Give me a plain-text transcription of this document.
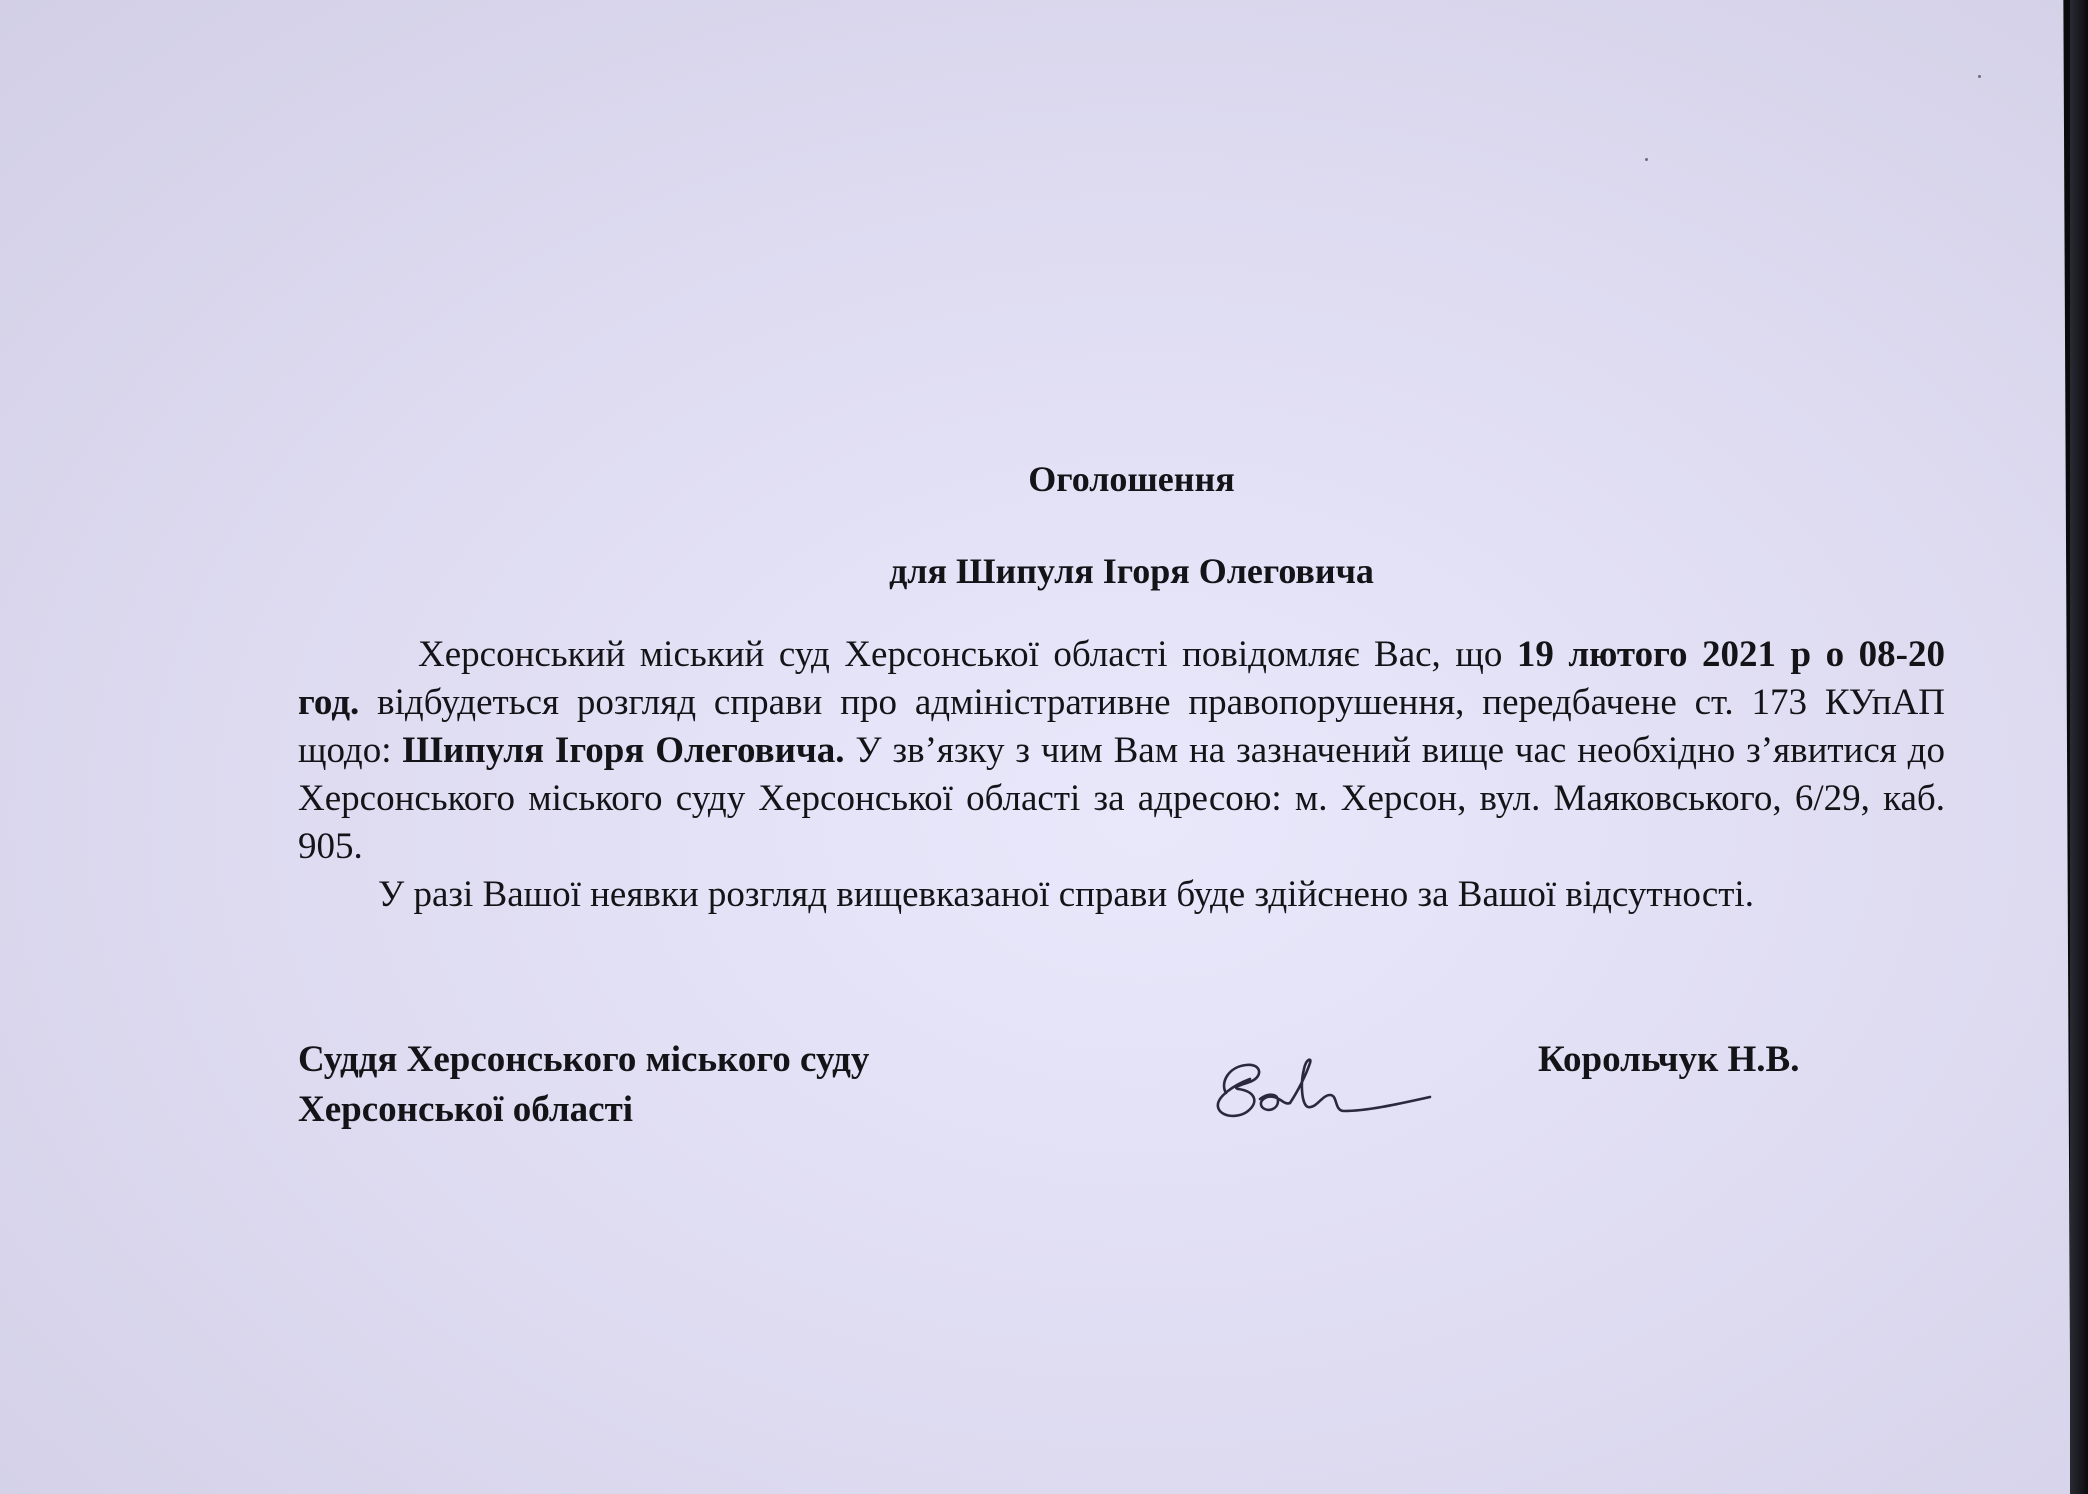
Оголошення
для Шипуля Ігоря Олеговича

Херсонський міський суд Херсонської області повідомляє Вас, що 19 лютого 2021 р о 08-20 год. відбудеться розгляд справи про адміністративне правопорушення, передбачене ст. 173 КУпАП щодо: Шипуля Ігоря Олеговича. У зв’язку з чим Вам на зазначений вище час необхідно з’явитися до Херсонського міського суду Херсонської області за адресою: м. Херсон, вул. Маяковського, 6/29, каб. 905.

У разі Вашої неявки розгляд вищевказаної справи буде здійснено за Вашої відсутності.

Суддя Херсонського міського суду
Херсонської області
Корольчук Н.В.
